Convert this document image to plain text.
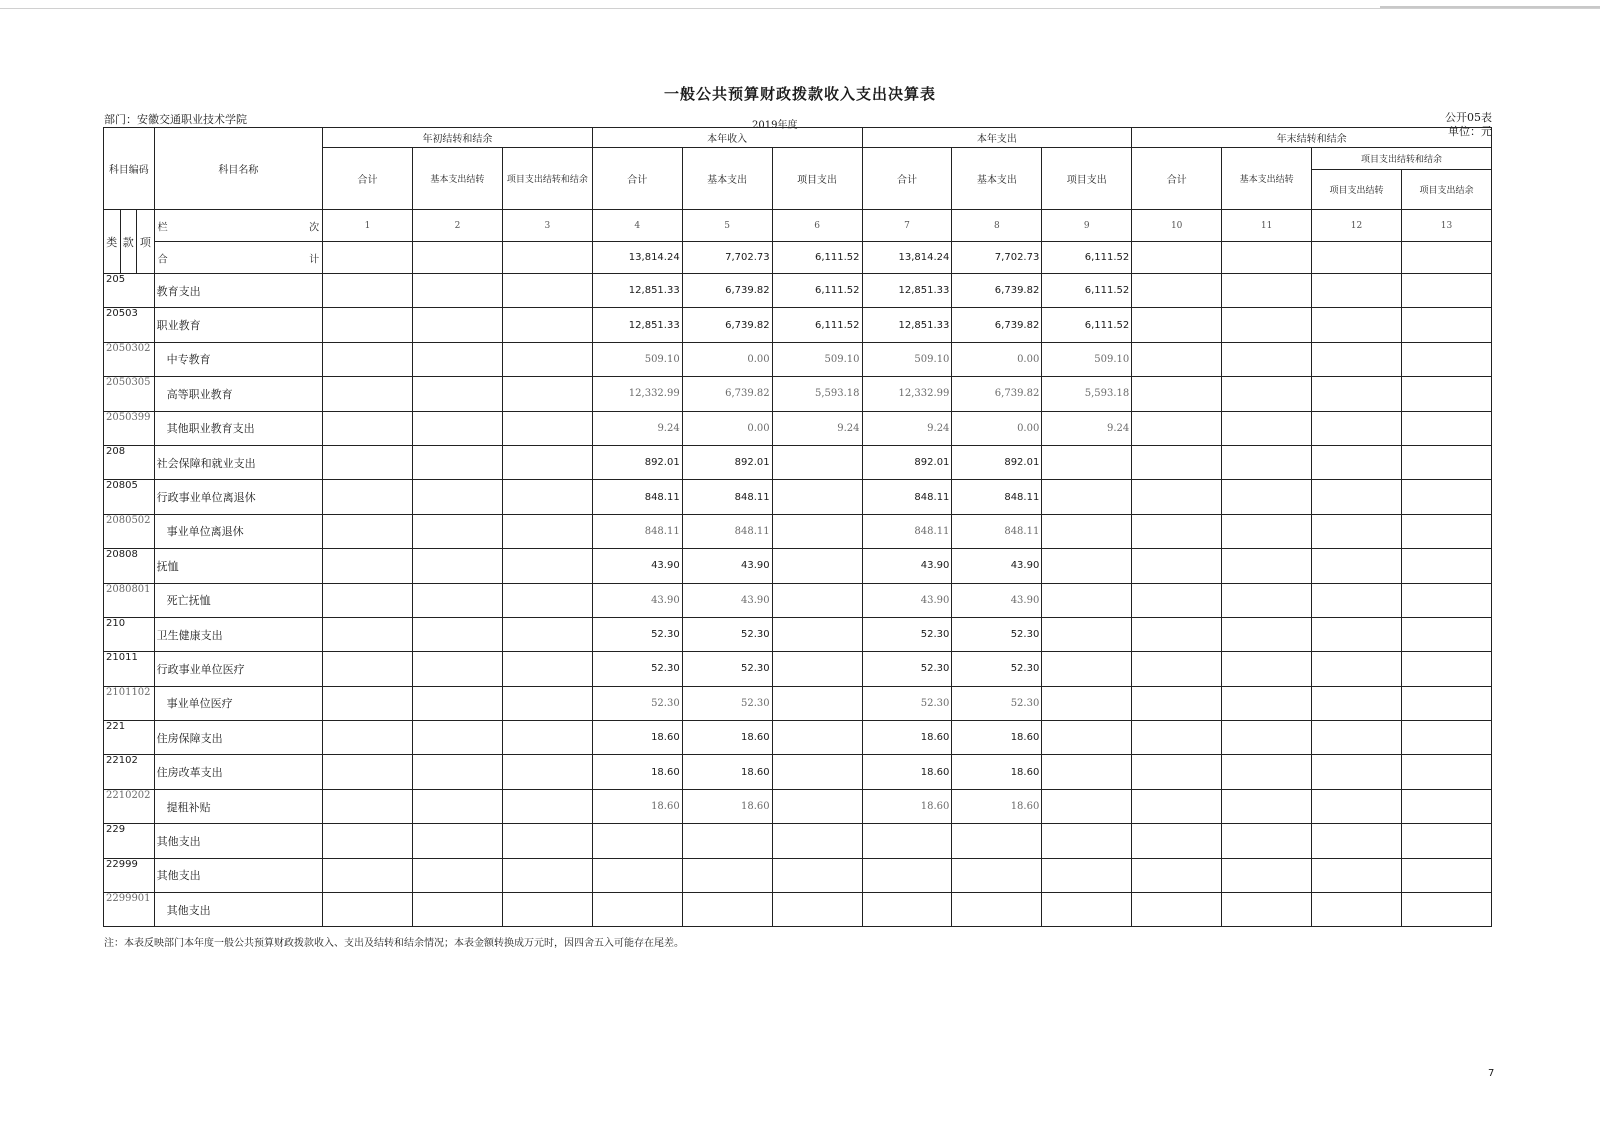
一般公共预算财政拨款收入支出决算表
部门：安徽交通职业技术学院	2019年度
公开05表
单位：元
科目编码			科目名称	年初结转和结余			本年收入			本年支出			年末结转和结余			
				合计	基本支出结转	项目支出结转和结余	合计	基本支出	项目支出	合计	基本支出	项目支出	合计	基本支出结转	项目支出结转和结余	
															项目支出结转	项目支出结余
类	款	项	栏 次	1	2	3	4	5	6	7	8	9	10	11	12	13

			合 计				13,814.24	7,702.73	6,111.52	13,814.24	7,702.73	6,111.52				
205			教育支出				12,851.33	6,739.82	6,111.52	12,851.33	6,739.82	6,111.52				
20503			职业教育				12,851.33	6,739.82	6,111.52	12,851.33	6,739.82	6,111.52				
2050302			中专教育				509.10	0.00	509.10	509.10	0.00	509.10				
2050305			高等职业教育				12,332.99	6,739.82	5,593.18	12,332.99	6,739.82	5,593.18				
2050399			其他职业教育支出				9.24	0.00	9.24	9.24	0.00	9.24				
208			社会保障和就业支出				892.01	892.01		892.01	892.01					
20805			行政事业单位离退休				848.11	848.11		848.11	848.11					
2080502			事业单位离退休				848.11	848.11		848.11	848.11					
20808			抚恤				43.90	43.90		43.90	43.90					
2080801			死亡抚恤				43.90	43.90		43.90	43.90					
210			卫生健康支出				52.30	52.30		52.30	52.30					
21011			行政事业单位医疗				52.30	52.30		52.30	52.30					
2101102			事业单位医疗				52.30	52.30		52.30	52.30					
221			住房保障支出				18.60	18.60		18.60	18.60					
22102			住房改革支出				18.60	18.60		18.60	18.60					
2210202			提租补贴				18.60	18.60		18.60	18.60					
229			其他支出													
22999			其他支出													
2299901			其他支出													
注：本表反映部门本年度一般公共预算财政拨款收入、支出及结转和结余情况；本表金额转换成万元时，因四舍五入可能存在尾差。
7
